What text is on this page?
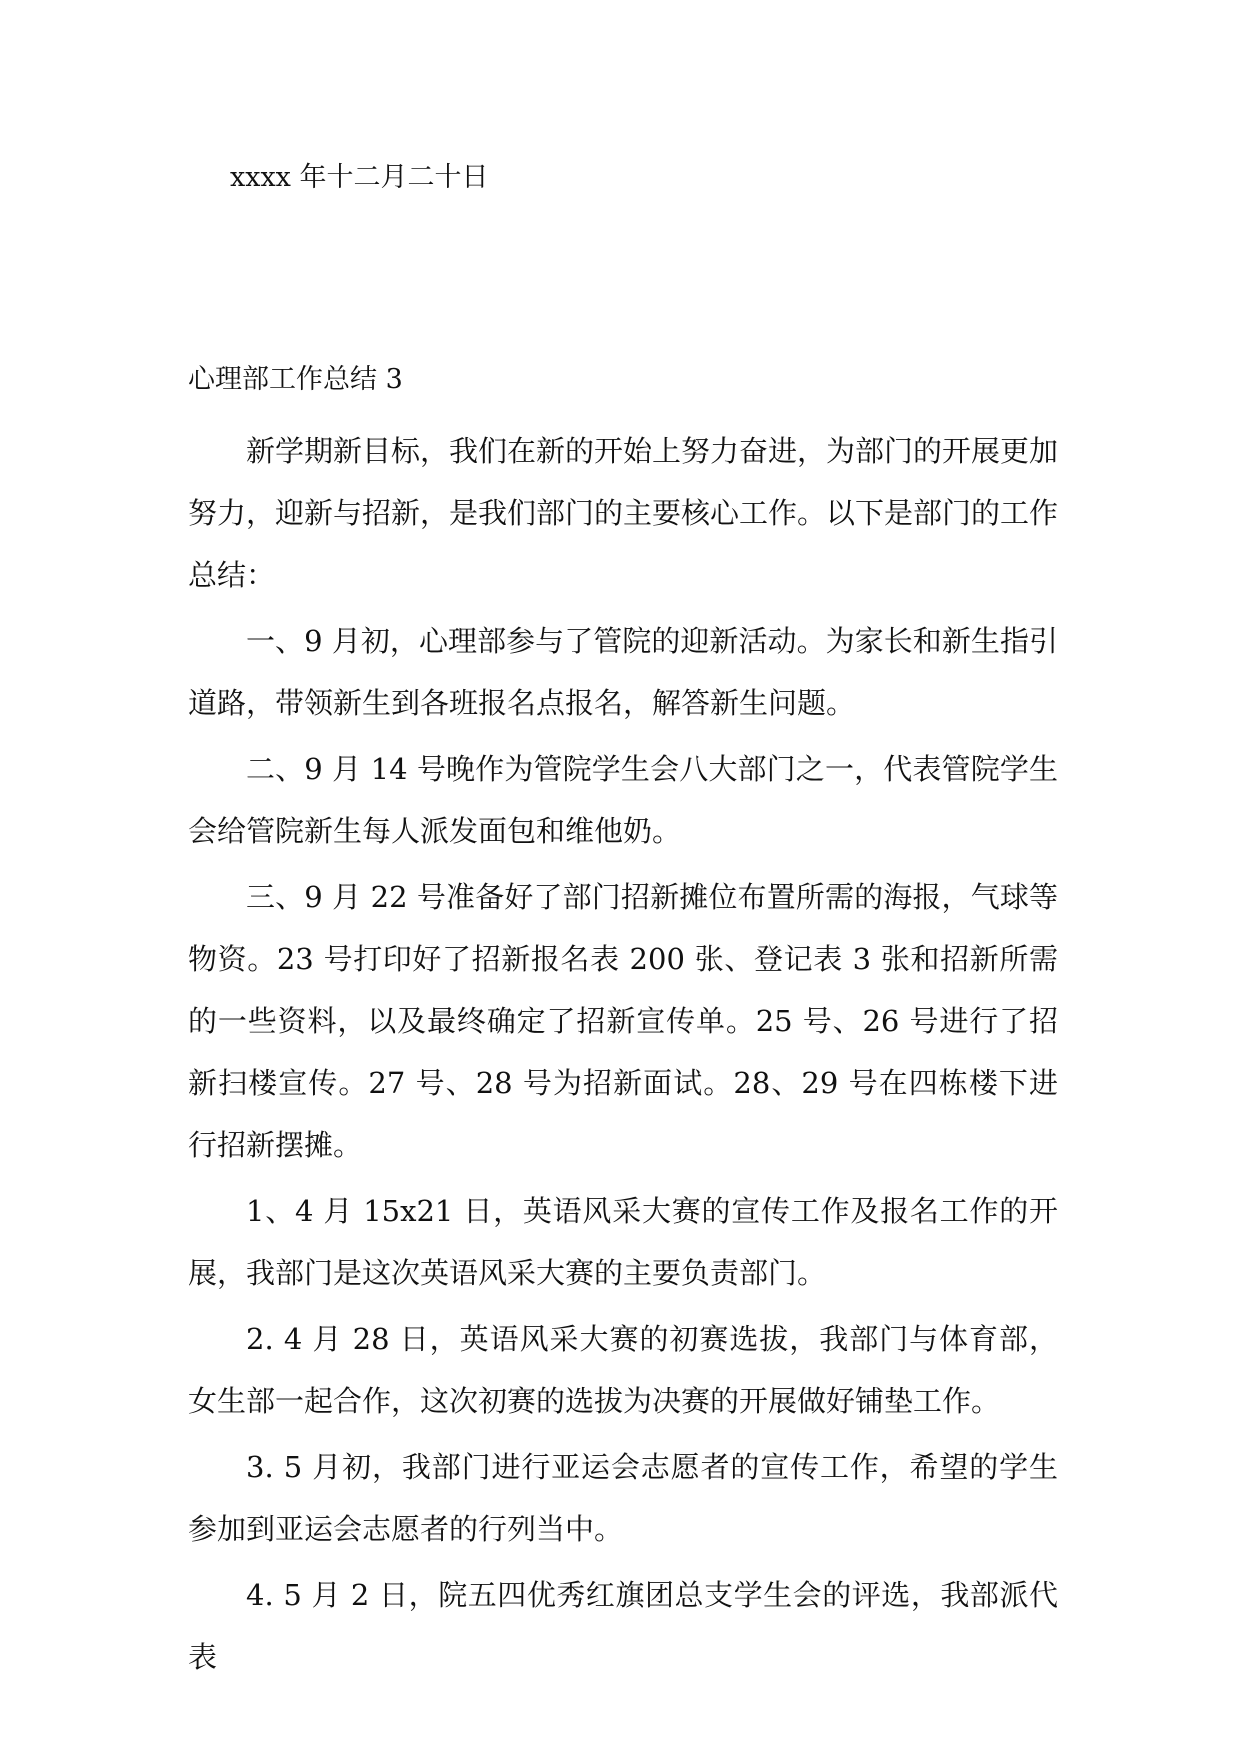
xxxx 年十二月二十日
心理部工作总结 3

新学期新目标，我们在新的开始上努力奋进，为部门的开展更加努力，迎新与招新，是我们部门的主要核心工作。以下是部门的工作总结：

一、9 月初，心理部参与了管院的迎新活动。为家长和新生指引道路，带领新生到各班报名点报名，解答新生问题。

二、9 月 14 号晚作为管院学生会八大部门之一，代表管院学生会给管院新生每人派发面包和维他奶。

三、9 月 22 号准备好了部门招新摊位布置所需的海报，气球等物资。23 号打印好了招新报名表 200 张、登记表 3 张和招新所需的一些资料，以及最终确定了招新宣传单。25 号、26 号进行了招新扫楼宣传。27 号、28 号为招新面试。28、29 号在四栋楼下进行招新摆摊。

1、4 月 15x21 日，英语风采大赛的宣传工作及报名工作的开展，我部门是这次英语风采大赛的主要负责部门。

2. 4 月 28 日，英语风采大赛的初赛选拔，我部门与体育部，女生部一起合作，这次初赛的选拔为决赛的开展做好铺垫工作。

3. 5 月初，我部门进行亚运会志愿者的宣传工作，希望的学生参加到亚运会志愿者的行列当中。

4. 5 月 2 日，院五四优秀红旗团总支学生会的评选，我部派代表
